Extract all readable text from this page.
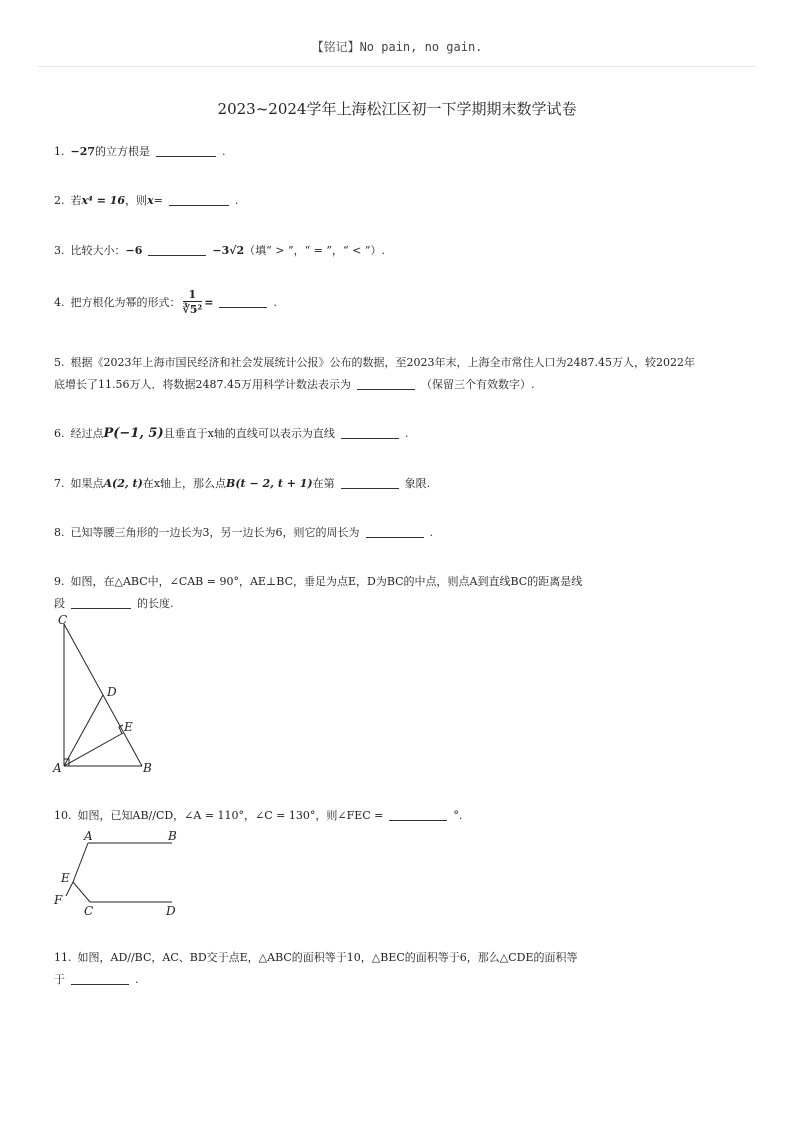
【铭记】No pain, no gain.
2023~2024学年上海松江区初一下学期期末数学试卷
1. −27的立方根是	.
2. 若x⁴ = 16，则x=	.
3. 比较大小：−6	−3√2（填“ > ”，“ = ”，“ < ”）.
4. 把方根化为幂的形式： $\frac{1}{\text{∛5²}}$ =	.
5. 根据《2023年上海市国民经济和社会发展统计公报》公布的数据，至2023年末，上海全市常住人口为2487.45万人，较2022年
底增长了11.56万人．将数据2487.45万用科学计数法表示为	（保留三个有效数字）.
6. 经过点P(−1, 5)且垂直于x轴的直线可以表示为直线	.
7. 如果点A(2, t)在x轴上，那么点B(t − 2, t + 1)在第	象限.
8. 已知等腰三角形的一边长为3，另一边长为6，则它的周长为	.
9. 如图，在△ABC中，∠CAB = 90°，AE⊥BC，垂足为点E，D为BC的中点，则点A到直线BC的距离是线
段	的长度.
C
D
E
A	B
10. 如图，已知AB//CD，∠A = 110°，∠C = 130°，则∠FEC =	°.
A	B
E
F
C	D
11. 如图，AD//BC，AC、BD交于点E，△ABC的面积等于10，△BEC的面积等于6，那么△CDE的面积等
于	.
